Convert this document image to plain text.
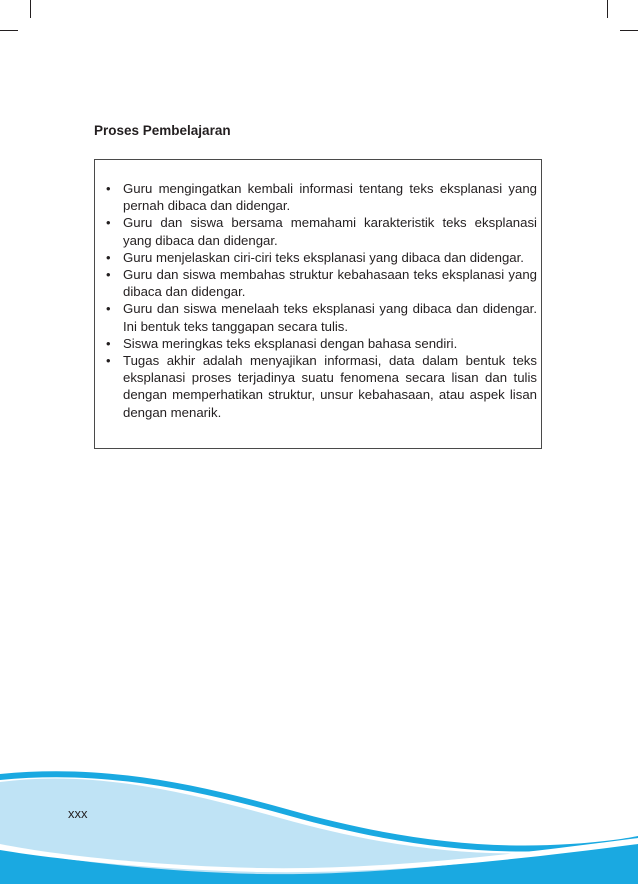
Proses Pembelajaran
• Guru mengingatkan kembali informasi tentang teks eksplanasi yang pernah dibaca dan didengar.
• Guru dan siswa bersama memahami karakteristik teks eksplanasi yang dibaca dan didengar.
• Guru menjelaskan ciri-ciri teks eksplanasi yang dibaca dan didengar.
• Guru dan siswa membahas struktur kebahasaan teks eksplanasi yang dibaca dan didengar.
• Guru dan siswa menelaah teks eksplanasi yang dibaca dan didengar. Ini bentuk teks tanggapan secara tulis.
• Siswa meringkas teks eksplanasi dengan bahasa sendiri.
• Tugas akhir adalah menyajikan informasi, data dalam bentuk teks eksplanasi proses terjadinya suatu fenomena secara lisan dan tulis dengan memperhatikan struktur, unsur kebahasaan, atau aspek lisan dengan menarik.
xxx
